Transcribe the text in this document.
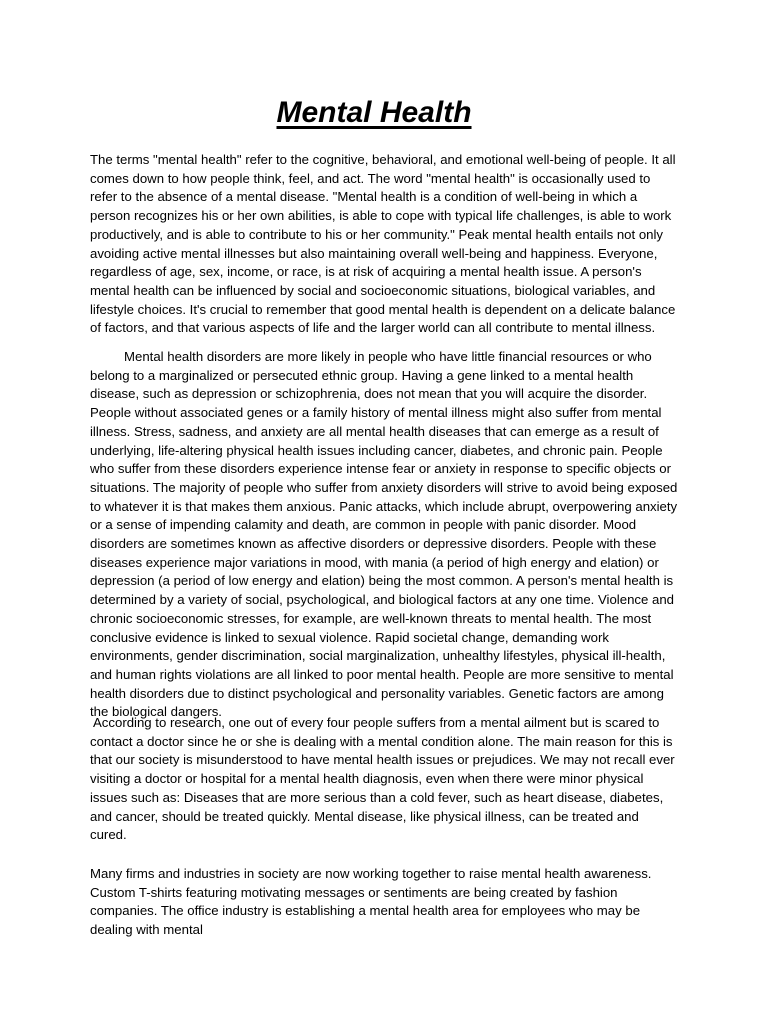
Mental Health

The terms "mental health" refer to the cognitive, behavioral, and emotional well-being of people. It all comes down to how people think, feel, and act. The word "mental health" is occasionally used to refer to the absence of a mental disease. "Mental health is a condition of well-being in which a person recognizes his or her own abilities, is able to cope with typical life challenges, is able to work productively, and is able to contribute to his or her community." Peak mental health entails not only avoiding active mental illnesses but also maintaining overall well-being and happiness. Everyone, regardless of age, sex, income, or race, is at risk of acquiring a mental health issue. A person's mental health can be influenced by social and socioeconomic situations, biological variables, and lifestyle choices. It's crucial to remember that good mental health is dependent on a delicate balance of factors, and that various aspects of life and the larger world can all contribute to mental illness.

Mental health disorders are more likely in people who have little financial resources or who belong to a marginalized or persecuted ethnic group. Having a gene linked to a mental health disease, such as depression or schizophrenia, does not mean that you will acquire the disorder. People without associated genes or a family history of mental illness might also suffer from mental illness. Stress, sadness, and anxiety are all mental health diseases that can emerge as a result of underlying, life-altering physical health issues including cancer, diabetes, and chronic pain. People who suffer from these disorders experience intense fear or anxiety in response to specific objects or situations. The majority of people who suffer from anxiety disorders will strive to avoid being exposed to whatever it is that makes them anxious. Panic attacks, which include abrupt, overpowering anxiety or a sense of impending calamity and death, are common in people with panic disorder. Mood disorders are sometimes known as affective disorders or depressive disorders. People with these diseases experience major variations in mood, with mania (a period of high energy and elation) or depression (a period of low energy and elation) being the most common. A person's mental health is determined by a variety of social, psychological, and biological factors at any one time. Violence and chronic socioeconomic stresses, for example, are well-known threats to mental health. The most conclusive evidence is linked to sexual violence. Rapid societal change, demanding work environments, gender discrimination, social marginalization, unhealthy lifestyles, physical ill-health, and human rights violations are all linked to poor mental health. People are more sensitive to mental health disorders due to distinct psychological and personality variables. Genetic factors are among the biological dangers.

According to research, one out of every four people suffers from a mental ailment but is scared to contact a doctor since he or she is dealing with a mental condition alone. The main reason for this is that our society is misunderstood to have mental health issues or prejudices. We may not recall ever visiting a doctor or hospital for a mental health diagnosis, even when there were minor physical issues such as: Diseases that are more serious than a cold fever, such as heart disease, diabetes, and cancer, should be treated quickly. Mental disease, like physical illness, can be treated and cured.

Many firms and industries in society are now working together to raise mental health awareness. Custom T-shirts featuring motivating messages or sentiments are being created by fashion companies. The office industry is establishing a mental health area for employees who may be dealing with mental
